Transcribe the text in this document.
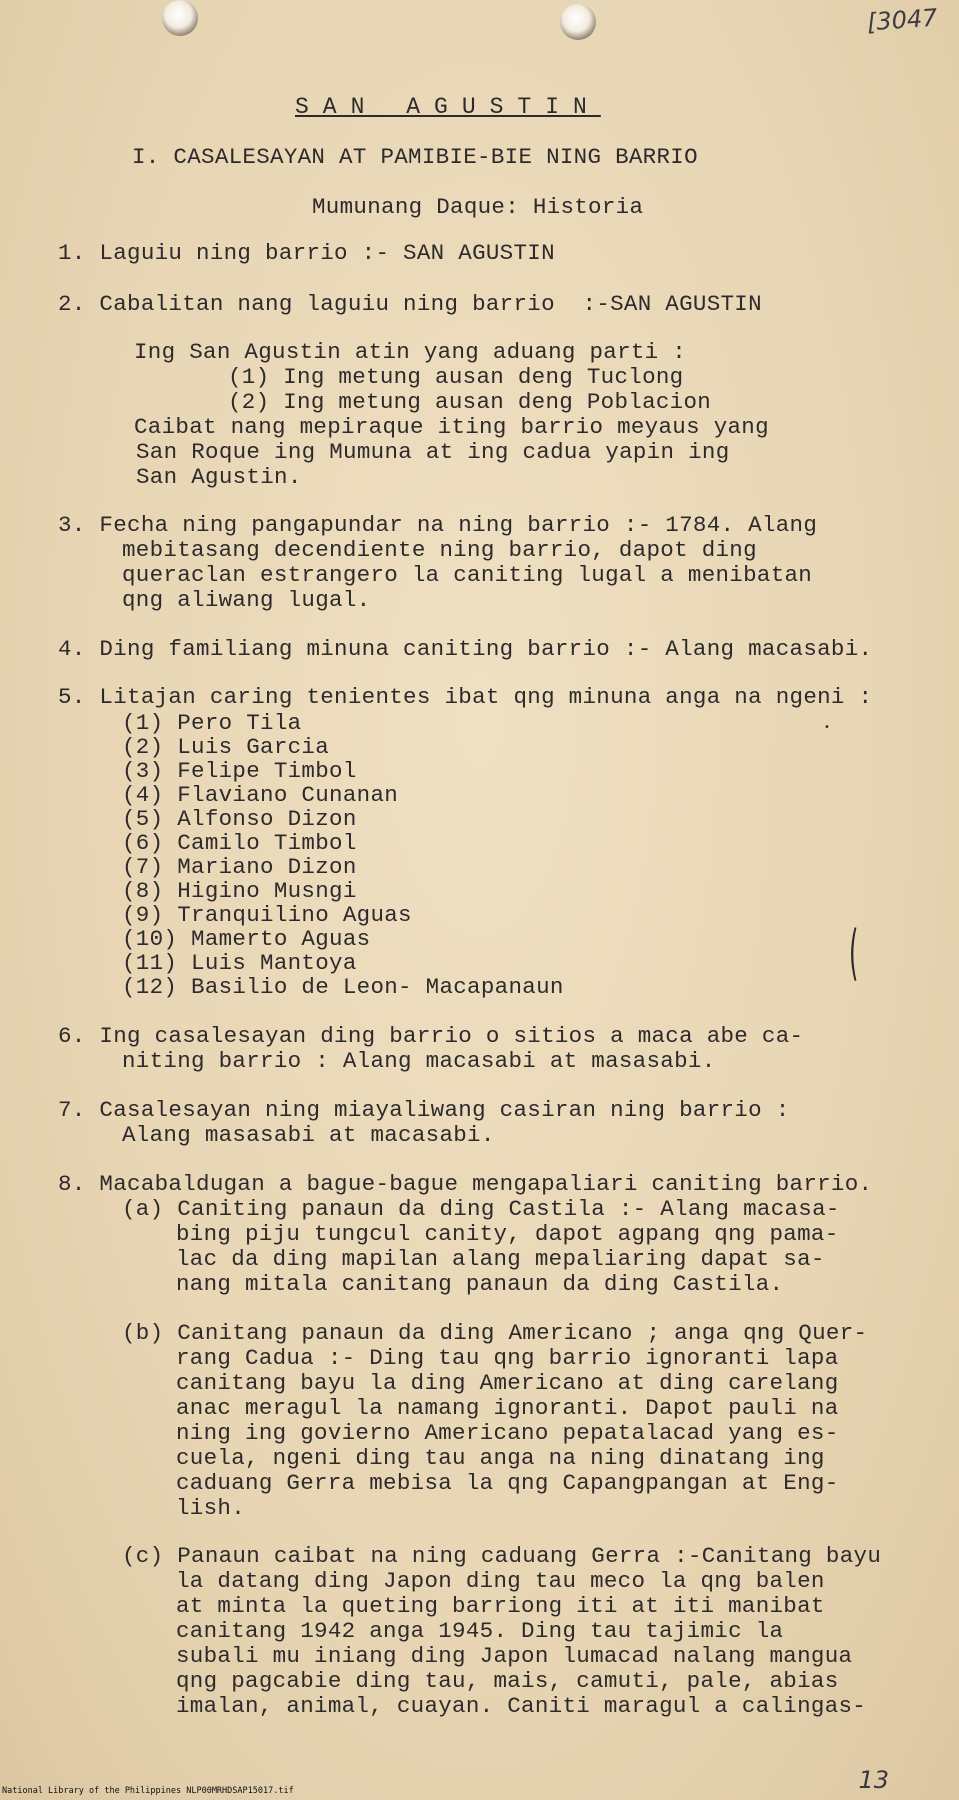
[3047
SAN AGUSTIN
I. CASALESAYAN AT PAMIBIE-BIE NING BARRIO
Mumunang Daque: Historia
1. Laguiu ning barrio :- SAN AGUSTIN
2. Cabalitan nang laguiu ning barrio  :-SAN AGUSTIN
Ing San Agustin atin yang aduang parti :
(1) Ing metung ausan deng Tuclong
(2) Ing metung ausan deng Poblacion
Caibat nang mepiraque iting barrio meyaus yang
San Roque ing Mumuna at ing cadua yapin ing
San Agustin.
3. Fecha ning pangapundar na ning barrio :- 1784. Alang
mebitasang decendiente ning barrio, dapot ding
queraclan estrangero la caniting lugal a menibatan
qng aliwang lugal.
4. Ding familiang minuna caniting barrio :- Alang macasabi.
5. Litajan caring tenientes ibat qng minuna anga na ngeni :
(1) Pero Tila
(2) Luis Garcia
(3) Felipe Timbol
(4) Flaviano Cunanan
(5) Alfonso Dizon
(6) Camilo Timbol
(7) Mariano Dizon
(8) Higino Musngi
(9) Tranquilino Aguas
(10) Mamerto Aguas
(11) Luis Mantoya
(12) Basilio de Leon- Macapanaun	(
•
6. Ing casalesayan ding barrio o sitios a maca abe ca-
niting barrio : Alang macasabi at masasabi.
7. Casalesayan ning miayaliwang casiran ning barrio :
Alang masasabi at macasabi.
8. Macabaldugan a bague-bague mengapaliari caniting barrio.
(a) Caniting panaun da ding Castila :- Alang macasa-
bing piju tungcul canity, dapot agpang qng pama-
lac da ding mapilan alang mepaliaring dapat sa-
nang mitala canitang panaun da ding Castila.
(b) Canitang panaun da ding Americano ; anga qng Quer-
rang Cadua :- Ding tau qng barrio ignoranti lapa
canitang bayu la ding Americano at ding carelang
anac meragul la namang ignoranti. Dapot pauli na
ning ing govierno Americano pepatalacad yang es-
cuela, ngeni ding tau anga na ning dinatang ing
caduang Gerra mebisa la qng Capangpangan at Eng-
lish.
(c) Panaun caibat na ning caduang Gerra :-Canitang bayu
la datang ding Japon ding tau meco la qng balen
at minta la queting barriong iti at iti manibat
canitang 1942 anga 1945. Ding tau tajimic la
subali mu iniang ding Japon lumacad nalang mangua
qng pagcabie ding tau, mais, camuti, pale, abias
imalan, animal, cuayan. Caniti maragul a calingas-
13
National Library of the Philippines NLP00MRHDSAP15017.tif
